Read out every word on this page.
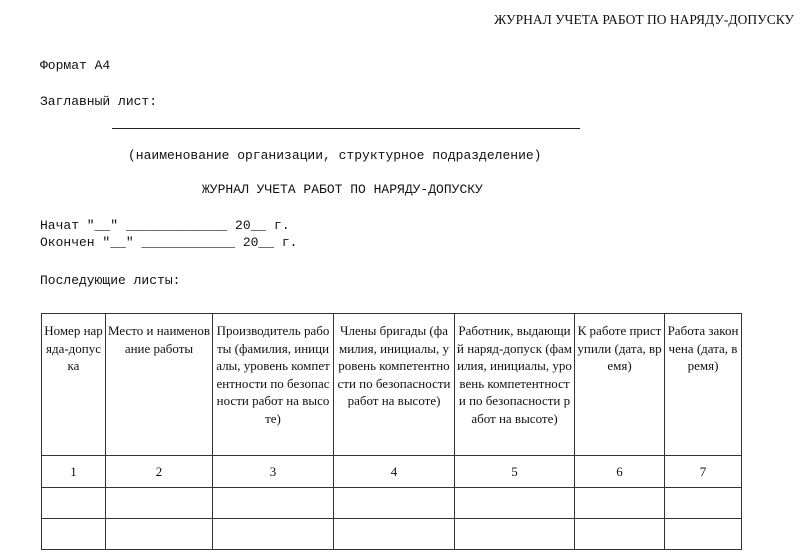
ЖУРНАЛ УЧЕТА РАБОТ ПО НАРЯДУ-ДОПУСКУ
Формат А4
Заглавный лист:
(наименование организации, структурное подразделение)
ЖУРНАЛ УЧЕТА РАБОТ ПО НАРЯДУ-ДОПУСКУ
Начат "__" _____________ 20__ г.
Окончен "__" ____________ 20__ г.
Последующие листы:
Номер наряда-допуска	Место и наименование работы	Производитель работы (фамилия, инициалы, уровень компетентности по безопасности работ на высоте)	Члены бригады (фамилия, инициалы, уровень компетентности по безопасности работ на высоте)	Работник, выдающий наряд-допуск (фамилия, инициалы, уровень компетентности по безопасности работ на высоте)	К работе приступили (дата, время)	Работа закончена (дата, время)
1	2	3	4	5	6	7
